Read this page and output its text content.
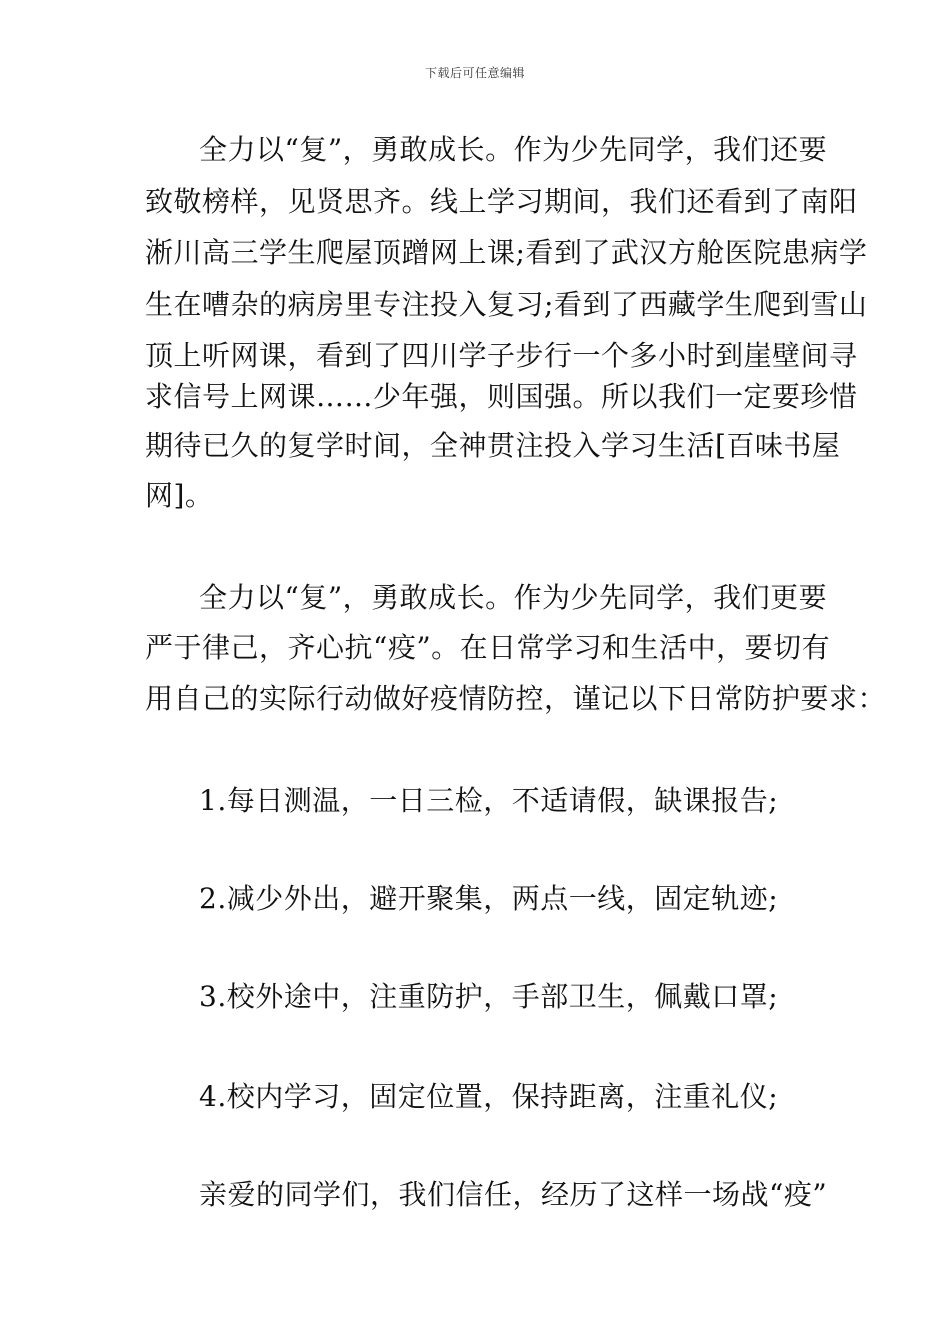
下载后可任意编辑
全力以“复”，勇敢成长。作为少先同学，我们还要
致敬榜样，见贤思齐。线上学习期间，我们还看到了南阳
淅川高三学生爬屋顶蹭网上课;看到了武汉方舱医院患病学
生在嘈杂的病房里专注投入复习;看到了西藏学生爬到雪山
顶上听网课，看到了四川学子步行一个多小时到崖壁间寻
求信号上网课……少年强，则国强。所以我们一定要珍惜
期待已久的复学时间，全神贯注投入学习生活[百味书屋
网]。
全力以“复”，勇敢成长。作为少先同学，我们更要
严于律己，齐心抗“疫”。在日常学习和生活中，要切有
用自己的实际行动做好疫情防控，谨记以下日常防护要求：
1.每日测温，一日三检，不适请假，缺课报告;
2.减少外出，避开聚集，两点一线，固定轨迹;
3.校外途中，注重防护，手部卫生，佩戴口罩;
4.校内学习，固定位置，保持距离，注重礼仪;
亲爱的同学们，我们信任，经历了这样一场战“疫”
